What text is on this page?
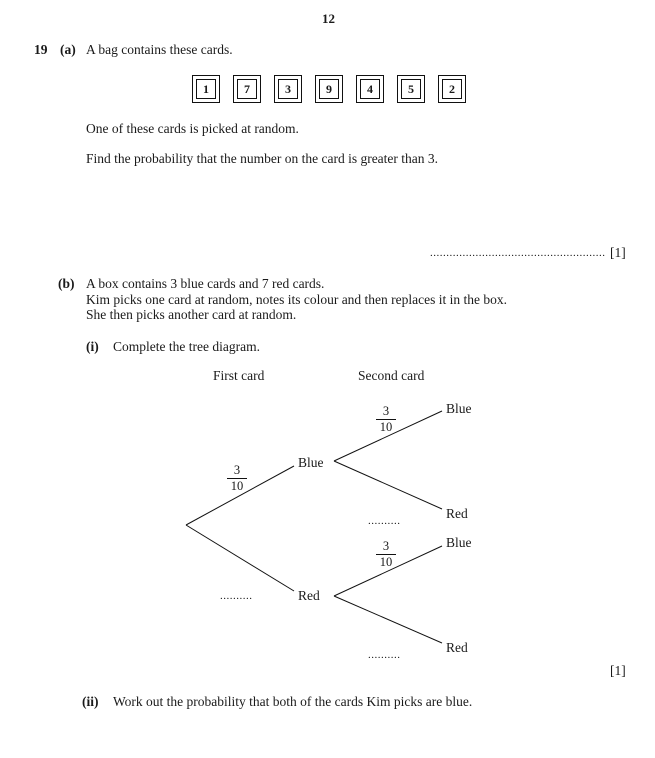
12
19 (a) A bag contains these cards.
1	7	3	9	4	5	2
One of these cards is picked at random.
Find the probability that the number on the card is greater than 3.
...................................................... [1]
(b) A box contains 3 blue cards and 7 red cards.
Kim picks one card at random, notes its colour and then replaces it in the box.
She then picks another card at random.
(i) Complete the tree diagram.
First card	Second card
$\frac{3}{10}$
..........
Blue
Red
$\frac{3}{10}$
..........
$\frac{3}{10}$
..........
Blue
Red
Blue
Red
[1]
(ii) Work out the probability that both of the cards Kim picks are blue.
